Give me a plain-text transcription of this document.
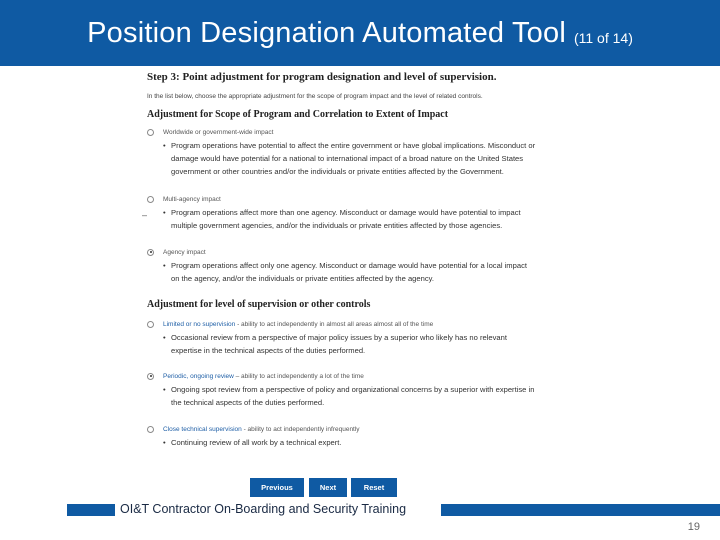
Position Designation Automated Tool (11 of 14)
Step 3: Point adjustment for program designation and level of supervision.
In the list below, choose the appropriate adjustment for the scope of program impact and the level of related controls.
Adjustment for Scope of Program and Correlation to Extent of Impact
Worldwide or government-wide impact
• Program operations have potential to affect the entire government or have global implications. Misconduct or
damage would have potential for a national to international impact of a broad nature on the United States
government or other countries and/or the individuals or private entities affected by the Government.
Multi-agency impact
• Program operations affect more than one agency. Misconduct or damage would have potential to impact
multiple government agencies, and/or the individuals or private entities affected by those agencies.
Agency impact
• Program operations affect only one agency. Misconduct or damage would have potential for a local impact
on the agency, and/or the individuals or private entities affected by the agency.
Adjustment for level of supervision or other controls
Limited or no supervision - ability to act independently in almost all areas almost all of the time
• Occasional review from a perspective of major policy issues by a superior who likely has no relevant
expertise in the technical aspects of the duties performed.
Periodic, ongoing review – ability to act independently a lot of the time
• Ongoing spot review from a perspective of policy and organizational concerns by a superior with expertise in
the technical aspects of the duties performed.
Close technical supervision - ability to act independently infrequently
• Continuing review of all work by a technical expert.
–
Previous	Next	Reset
OI&T Contractor On-Boarding and Security Training
19
